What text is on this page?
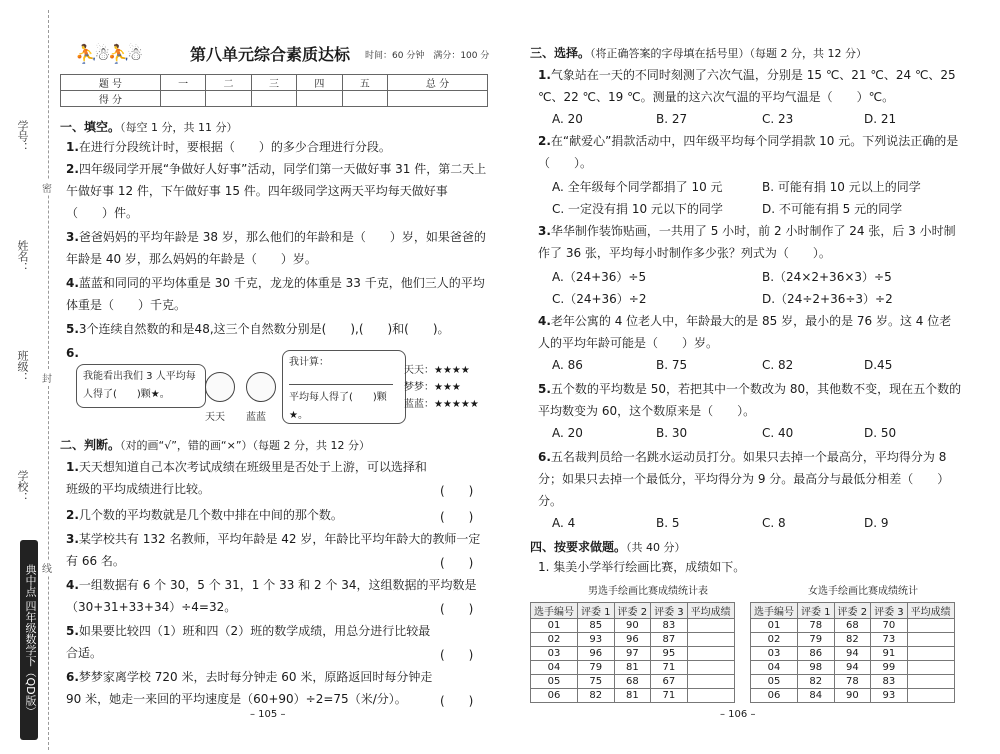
学号：
姓名：
班级：
学校：
密
封
线
典中点 四年级数学下（QD版）
⛹☃⛹☃	第八单元综合素质达标 时间：60 分钟　满分：100 分
题 号	一	二	三	四	五	总 分
得 分						
一、填空。（每空 1 分，共 11 分）
1.在进行分段统计时，要根据（　　）的多少合理进行分段。
2.四年级同学开展“争做好人好事”活动，同学们第一天做好事 31 件，第二天上午做好事 12 件，下午做好事 15 件。四年级同学这两天平均每天做好事（　　）件。
3.爸爸妈妈的平均年龄是 38 岁，那么他们的年龄和是（　　）岁，如果爸爸的年龄是 40 岁，那么妈妈的年龄是（　　）岁。
4.蓝蓝和同同的平均体重是 30 千克，龙龙的体重是 33 千克，他们三人的平均体重是（　　）千克。
5.3个连续自然数的和是48,这三个自然数分别是(　　),(　　)和(　　)。
6.
我能看出我们 3 人平均每人得了(　　)颗★。
天天 蓝蓝
我计算：
平均每人得了(　　)颗★。
天天：★★★★
梦梦：★★★
蓝蓝：★★★★★
二、判断。（对的画“√”，错的画“×”）（每题 2 分，共 12 分）
1.天天想知道自己本次考试成绩在班级里是否处于上游，可以选择和班级的平均成绩进行比较。	(　　)
2.几个数的平均数就是几个数中排在中间的那个数。	(　　)
3.某学校共有 132 名教师，平均年龄是 42 岁，年龄比平均年龄大的教师一定有 66 名。	(　　)
4.一组数据有 6 个 30，5 个 31，1 个 33 和 2 个 34，这组数据的平均数是（30+31+33+34）÷4=32。	(　　)
5.如果要比较四（1）班和四（2）班的数学成绩，用总分进行比较最合适。	(　　)
6.梦梦家离学校 720 米，去时每分钟走 60 米，原路返回时每分钟走 90 米，她走一来回的平均速度是（60+90）÷2=75（米/分）。	(　　)
– 105 –
三、选择。（将正确答案的字母填在括号里）（每题 2 分，共 12 分）
1.气象站在一天的不同时刻测了六次气温，分别是 15 ℃、21 ℃、24 ℃、25 ℃、22 ℃、19 ℃。测量的这六次气温的平均气温是（　　）℃。
A. 20	B. 27	C. 23	D. 21
2.在“献爱心”捐款活动中，四年级平均每个同学捐款 10 元。下列说法正确的是（　　）。
A. 全年级每个同学都捐了 10 元	B. 可能有捐 10 元以上的同学
C. 一定没有捐 10 元以下的同学	D. 不可能有捐 5 元的同学
3.华华制作装饰贴画，一共用了 5 小时，前 2 小时制作了 24 张，后 3 小时制作了 36 张，平均每小时制作多少张？列式为（　　）。
A.（24+36）÷5	B.（24×2+36×3）÷5
C.（24+36）÷2	D.（24÷2+36÷3）÷2
4.老年公寓的 4 位老人中，年龄最大的是 85 岁，最小的是 76 岁。这 4 位老人的平均年龄可能是（　　）岁。
A. 86	B. 75	C. 82	D.45
5.五个数的平均数是 50，若把其中一个数改为 80，其他数不变，现在五个数的平均数变为 60，这个数原来是（　　）。
A. 20	B. 30	C. 40	D. 50
6.五名裁判员给一名跳水运动员打分。如果只去掉一个最高分，平均得分为 8 分；如果只去掉一个最低分，平均得分为 9 分。最高分与最低分相差（　　）分。
A. 4	B. 5	C. 8	D. 9
四、按要求做题。（共 40 分）
1. 集美小学举行绘画比赛，成绩如下。
男选手绘画比赛成绩统计表	女选手绘画比赛成绩统计
选手编号	评委 1	评委 2	评委 3	平均成绩
01	85	90	83	
02	93	96	87	
03	96	97	95	
04	79	81	71	
05	75	68	67	
06	82	81	71	
选手编号	评委 1	评委 2	评委 3	平均成绩
01	78	68	70	
02	79	82	73	
03	86	94	91	
04	98	94	99	
05	82	78	83	
06	84	90	93	
– 106 –
